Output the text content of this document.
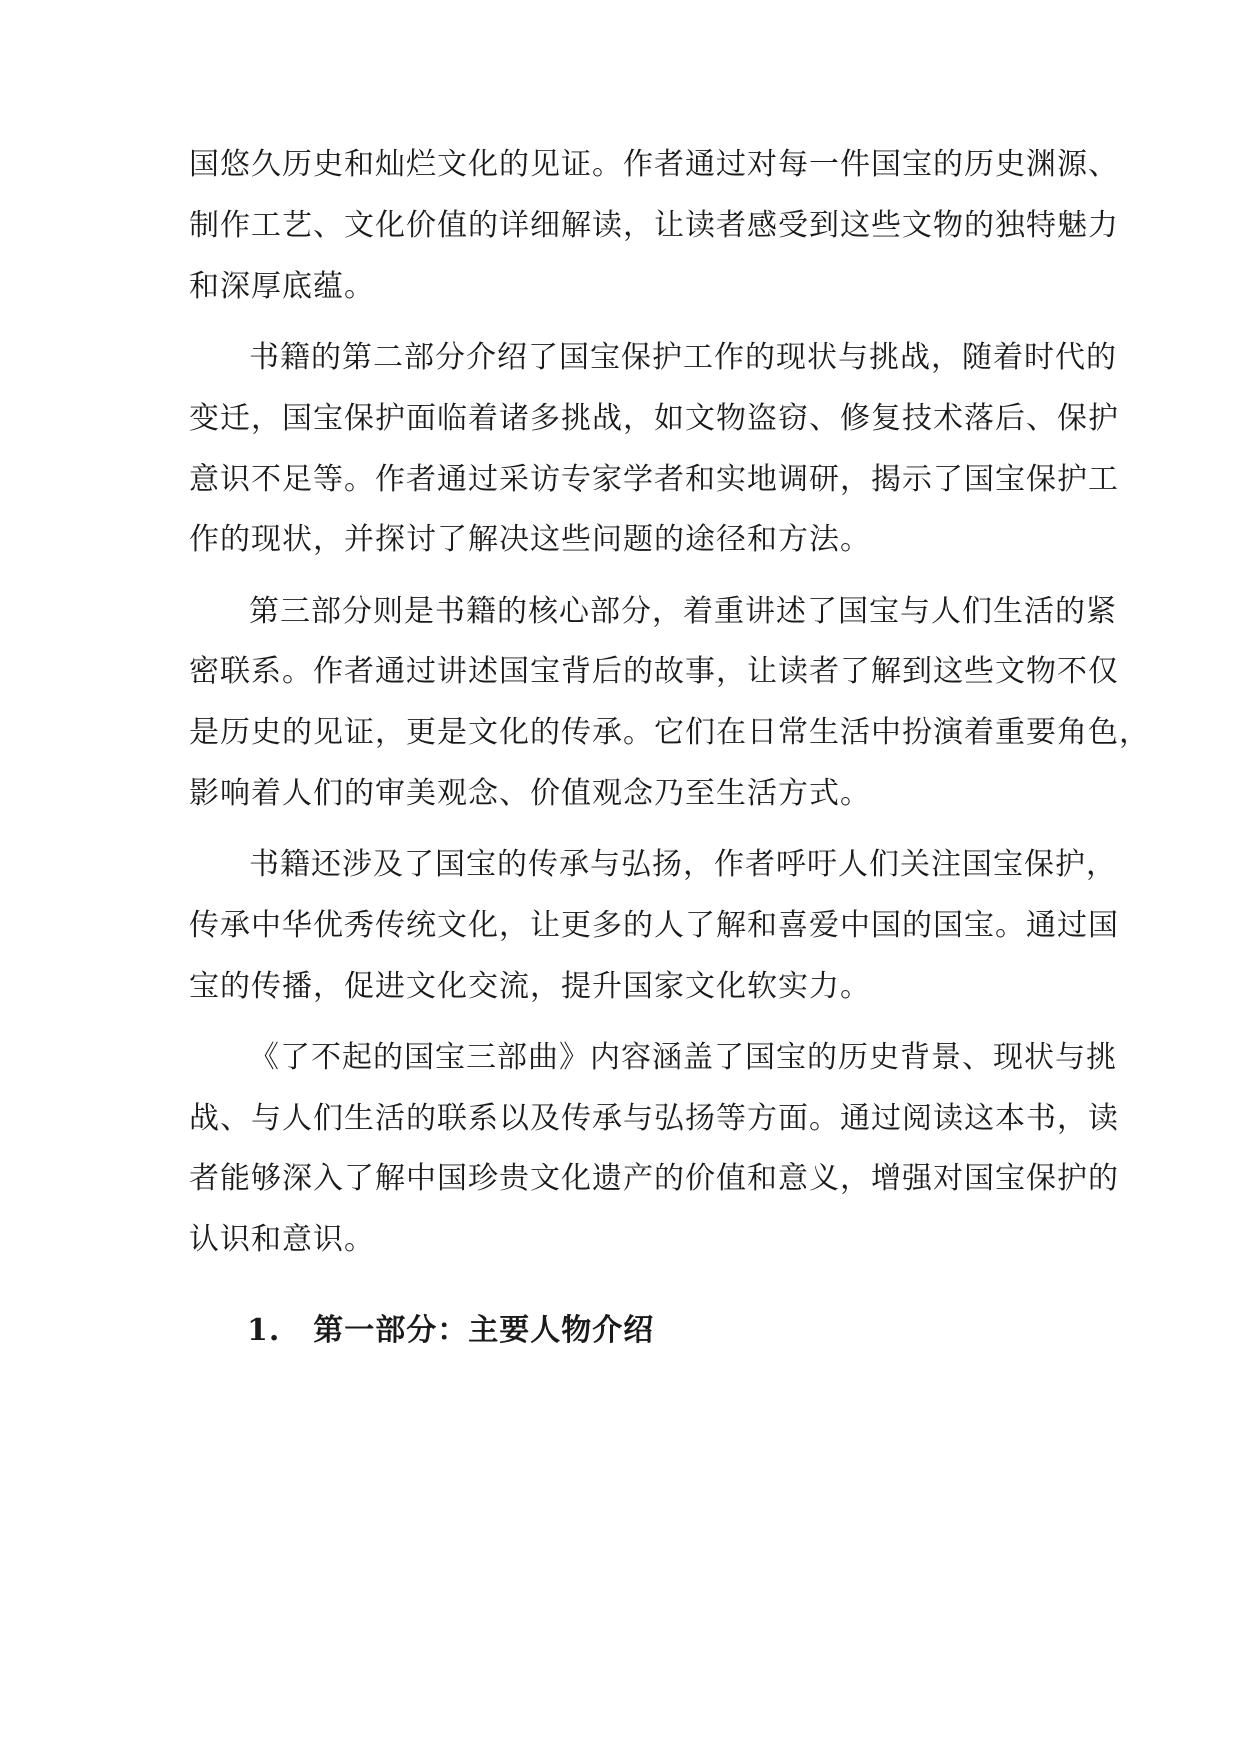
国悠久历史和灿烂文化的见证。作者通过对每一件国宝的历史渊源、
制作工艺、文化价值的详细解读，让读者感受到这些文物的独特魅力
和深厚底蕴。
书籍的第二部分介绍了国宝保护工作的现状与挑战，随着时代的
变迁，国宝保护面临着诸多挑战，如文物盗窃、修复技术落后、保护
意识不足等。作者通过采访专家学者和实地调研，揭示了国宝保护工
作的现状，并探讨了解决这些问题的途径和方法。
第三部分则是书籍的核心部分，着重讲述了国宝与人们生活的紧
密联系。作者通过讲述国宝背后的故事，让读者了解到这些文物不仅
是历史的见证，更是文化的传承。它们在日常生活中扮演着重要角色，
影响着人们的审美观念、价值观念乃至生活方式。
书籍还涉及了国宝的传承与弘扬，作者呼吁人们关注国宝保护，
传承中华优秀传统文化，让更多的人了解和喜爱中国的国宝。通过国
宝的传播，促进文化交流，提升国家文化软实力。
《了不起的国宝三部曲》内容涵盖了国宝的历史背景、现状与挑
战、与人们生活的联系以及传承与弘扬等方面。通过阅读这本书，读
者能够深入了解中国珍贵文化遗产的价值和意义，增强对国宝保护的
认识和意识。
1. 第一部分：主要人物介绍
